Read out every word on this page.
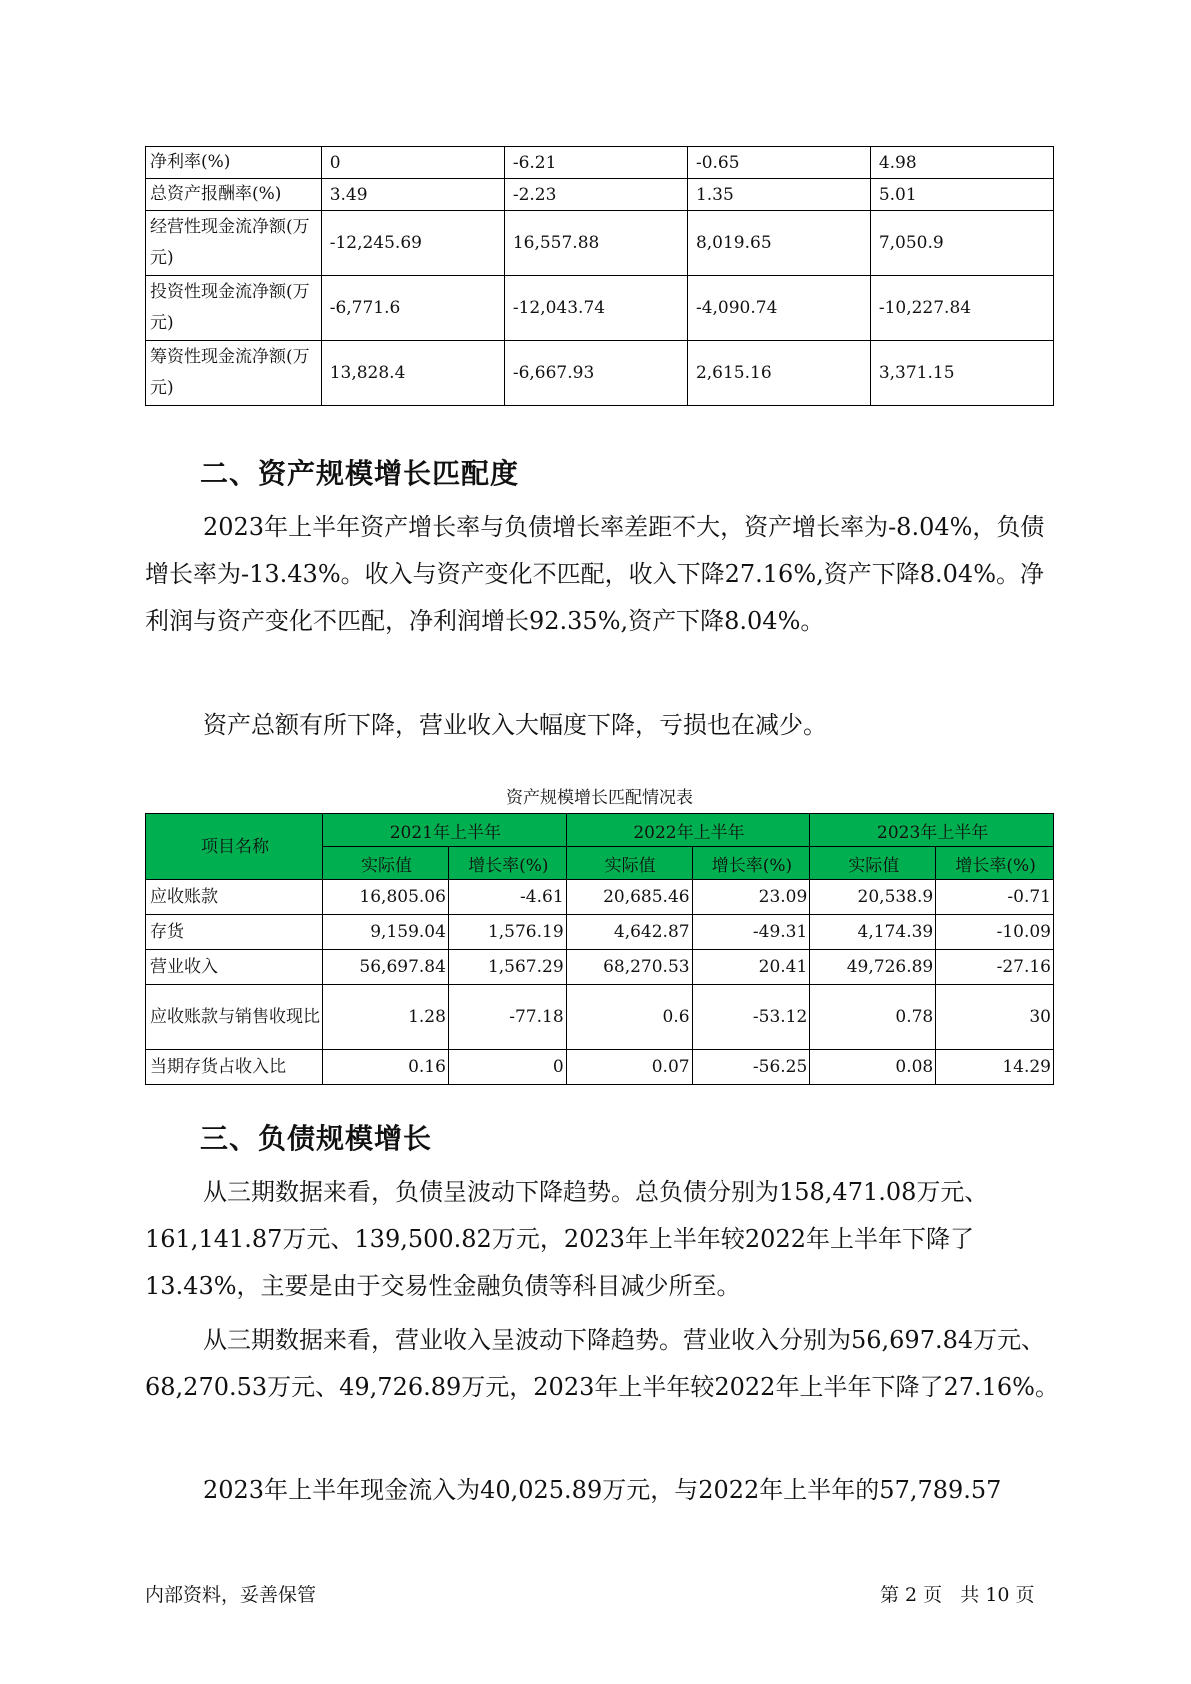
净利率(%)	0	-6.21	-0.65	4.98
总资产报酬率(%)	3.49	-2.23	1.35	5.01
经营性现金流净额(万元)	-12,245.69	16,557.88	8,019.65	7,050.9
投资性现金流净额(万元)	-6,771.6	-12,043.74	-4,090.74	-10,227.84
筹资性现金流净额(万元)	13,828.4	-6,667.93	2,615.16	3,371.15
二、资产规模增长匹配度

2023年上半年资产增长率与负债增长率差距不大，资产增长率为-8.04%，负债增长率为-13.43%。收入与资产变化不匹配，收入下降27.16%,资产下降8.04%。净利润与资产变化不匹配，净利润增长92.35%,资产下降8.04%。

资产总额有所下降，营业收入大幅度下降，亏损也在减少。

资产规模增长匹配情况表
项目名称	2021年上半年		2022年上半年		2023年上半年	
	实际值	增长率(%)	实际值	增长率(%)	实际值	增长率(%)
应收账款	16,805.06	-4.61	20,685.46	23.09	20,538.9	-0.71
存货	9,159.04	1,576.19	4,642.87	-49.31	4,174.39	-10.09
营业收入	56,697.84	1,567.29	68,270.53	20.41	49,726.89	-27.16
应收账款与销售收现比	1.28	-77.18	0.6	-53.12	0.78	30
当期存货占收入比	0.16	0	0.07	-56.25	0.08	14.29
三、负债规模增长

从三期数据来看，负债呈波动下降趋势。总负债分别为158,471.08万元、161,141.87万元、139,500.82万元，2023年上半年较2022年上半年下降了13.43%，主要是由于交易性金融负债等科目减少所至。

从三期数据来看，营业收入呈波动下降趋势。营业收入分别为56,697.84万元、68,270.53万元、49,726.89万元，2023年上半年较2022年上半年下降了27.16%。

2023年上半年现金流入为40,025.89万元，与2022年上半年的57,789.57

内部资料，妥善保管	第 2 页   共 10 页
